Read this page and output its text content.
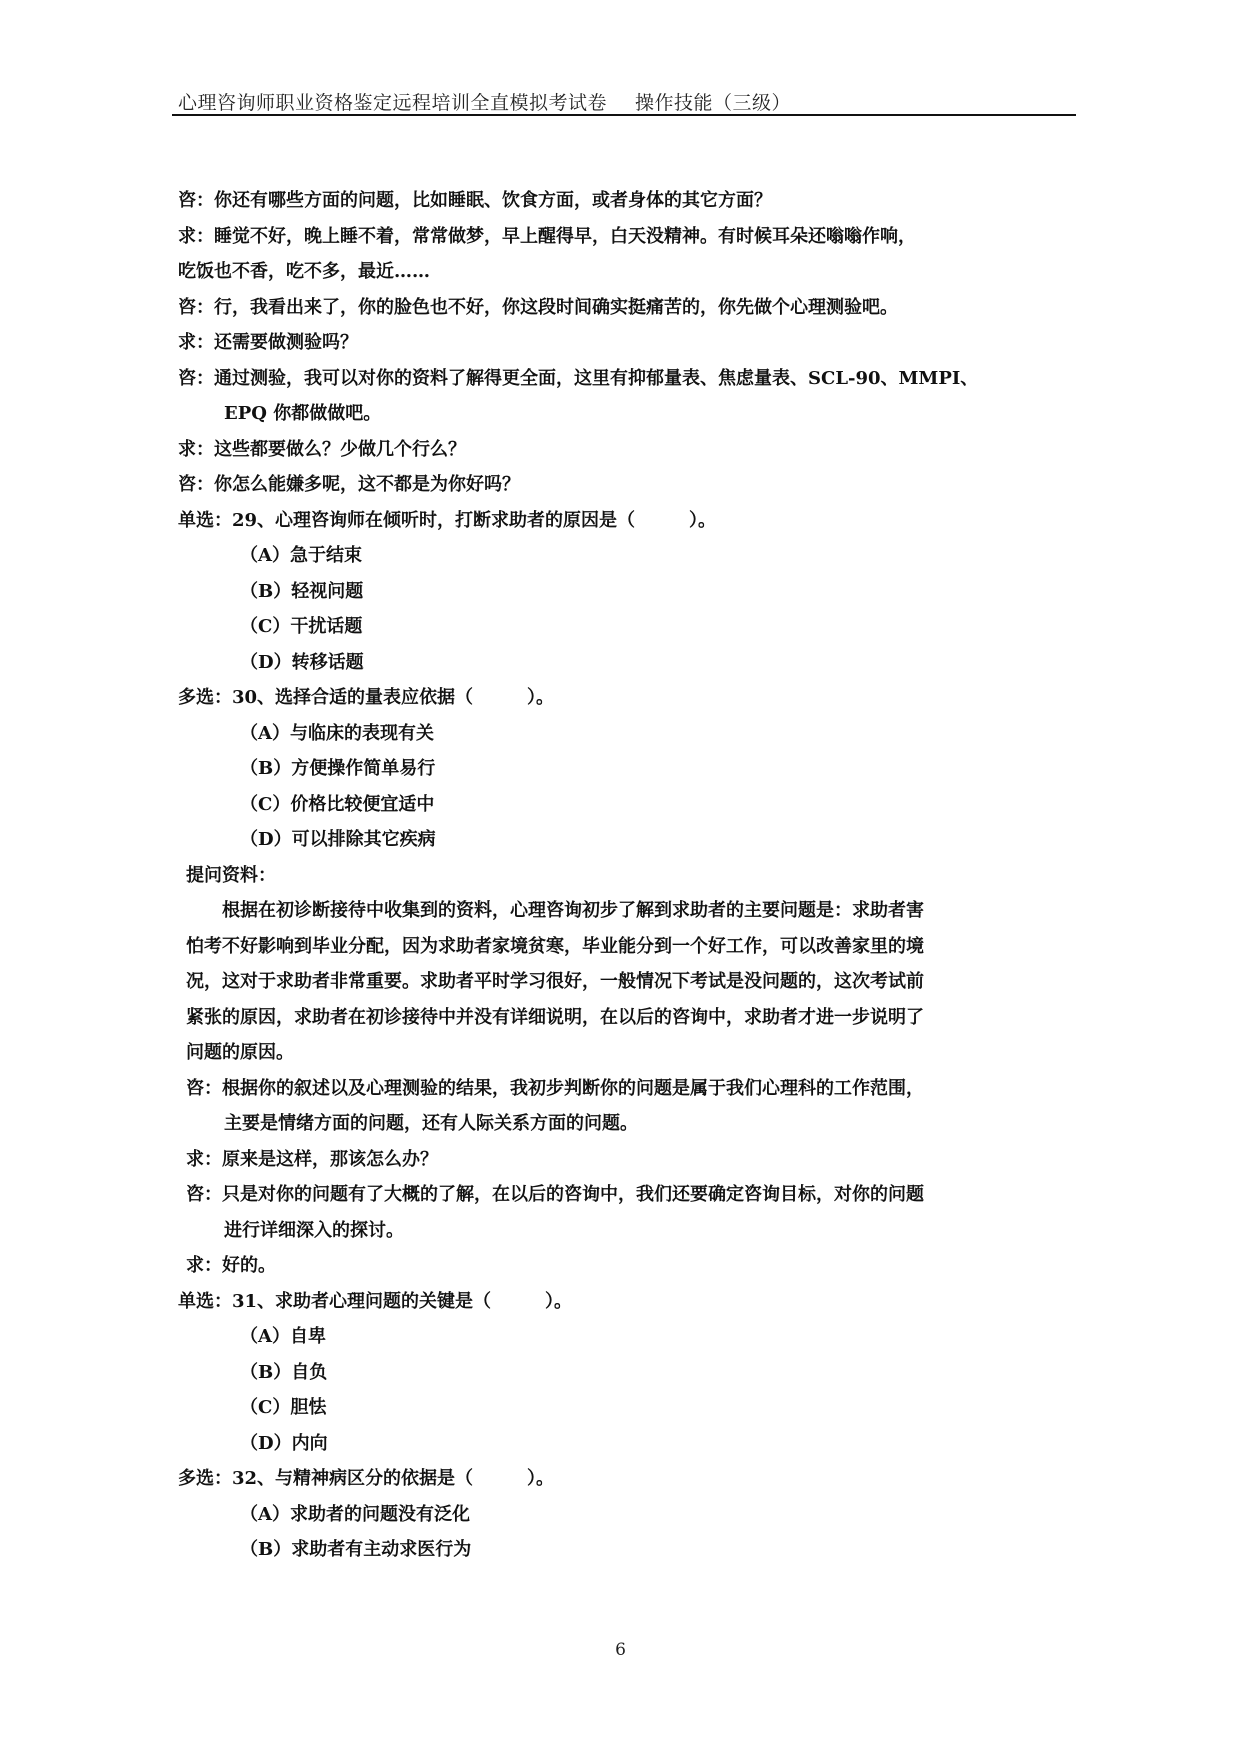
心理咨询师职业资格鉴定远程培训全直模拟考试卷 操作技能（三级）
咨：你还有哪些方面的问题，比如睡眠、饮食方面，或者身体的其它方面？
求：睡觉不好，晚上睡不着，常常做梦，早上醒得早，白天没精神。有时候耳朵还嗡嗡作响，
吃饭也不香，吃不多，最近……
咨：行，我看出来了，你的脸色也不好，你这段时间确实挺痛苦的，你先做个心理测验吧。
求：还需要做测验吗？
咨：通过测验，我可以对你的资料了解得更全面，这里有抑郁量表、焦虑量表、SCL-90、MMPI、
EPQ 你都做做吧。
求：这些都要做么？少做几个行么？
咨：你怎么能嫌多呢，这不都是为你好吗？
单选：29、心理咨询师在倾听时，打断求助者的原因是（　　　）。
（A）急于结束
（B）轻视问题
（C）干扰话题
（D）转移话题
多选：30、选择合适的量表应依据（　　　）。
（A）与临床的表现有关
（B）方便操作简单易行
（C）价格比较便宜适中
（D）可以排除其它疾病
提问资料：
根据在初诊断接待中收集到的资料，心理咨询初步了解到求助者的主要问题是：求助者害
怕考不好影响到毕业分配，因为求助者家境贫寒，毕业能分到一个好工作，可以改善家里的境
况，这对于求助者非常重要。求助者平时学习很好，一般情况下考试是没问题的，这次考试前
紧张的原因，求助者在初诊接待中并没有详细说明，在以后的咨询中，求助者才进一步说明了
问题的原因。
咨：根据你的叙述以及心理测验的结果，我初步判断你的问题是属于我们心理科的工作范围，
主要是情绪方面的问题，还有人际关系方面的问题。
求：原来是这样，那该怎么办？
咨：只是对你的问题有了大概的了解，在以后的咨询中，我们还要确定咨询目标，对你的问题
进行详细深入的探讨。
求：好的。
单选：31、求助者心理问题的关键是（　　　）。
（A）自卑
（B）自负
（C）胆怯
（D）内向
多选：32、与精神病区分的依据是（　　　）。
（A）求助者的问题没有泛化
（B）求助者有主动求医行为
6
